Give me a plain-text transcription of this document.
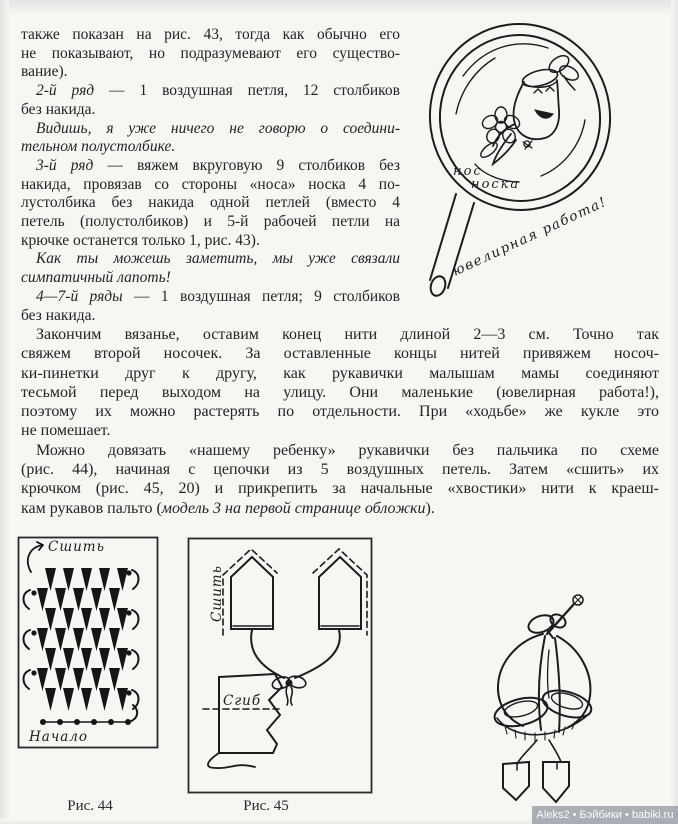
также показан на рис. 43, тогда как обычно его
не показывают, но подразумевают его существо-
вание).
2-й ряд — 1 воздушная петля, 12 столбиков
без накида.
Видишь, я уже ничего не говорю о соедини-
тельном полустолбике.
3-й ряд — вяжем вкруговую 9 столбиков без
накида, провязав со стороны «носа» носка 4 по-
лустолбика без накида одной петлей (вместо 4
петель (полустолбиков) и 5-й рабочей петли на
крючке останется только 1, рис. 43).
Как ты можешь заметить, мы уже связали
симпатичный лапоть!
4—7-й ряды — 1 воздушная петля; 9 столбиков
без накида.
нос
носка
ювелирная работа!
Закончим вязанье, оставим конец нити длиной 2—3 см. Точно так
свяжем второй носочек. За оставленные концы нитей привяжем носоч-
ки-пинетки друг к другу, как рукавички малышам мамы соединяют
тесьмой перед выходом на улицу. Они маленькие (ювелирная работа!),
поэтому их можно растерять по отдельности. При «ходьбе» же кукле это
не помешает.
Можно довязать «нашему ребенку» рукавички без пальчика по схеме
(рис. 44), начиная с цепочки из 5 воздушных петель. Затем «сшить» их
крючком (рис. 45, 20) и прикрепить за начальные «хвостики» нити к краеш-
кам рукавов пальто (модель 3 на первой странице обложки).
Сшить
Начало
Сшить
Сгиб
Рис. 44	Рис. 45
Aleks2 • Бэйбики • babiki.ru
